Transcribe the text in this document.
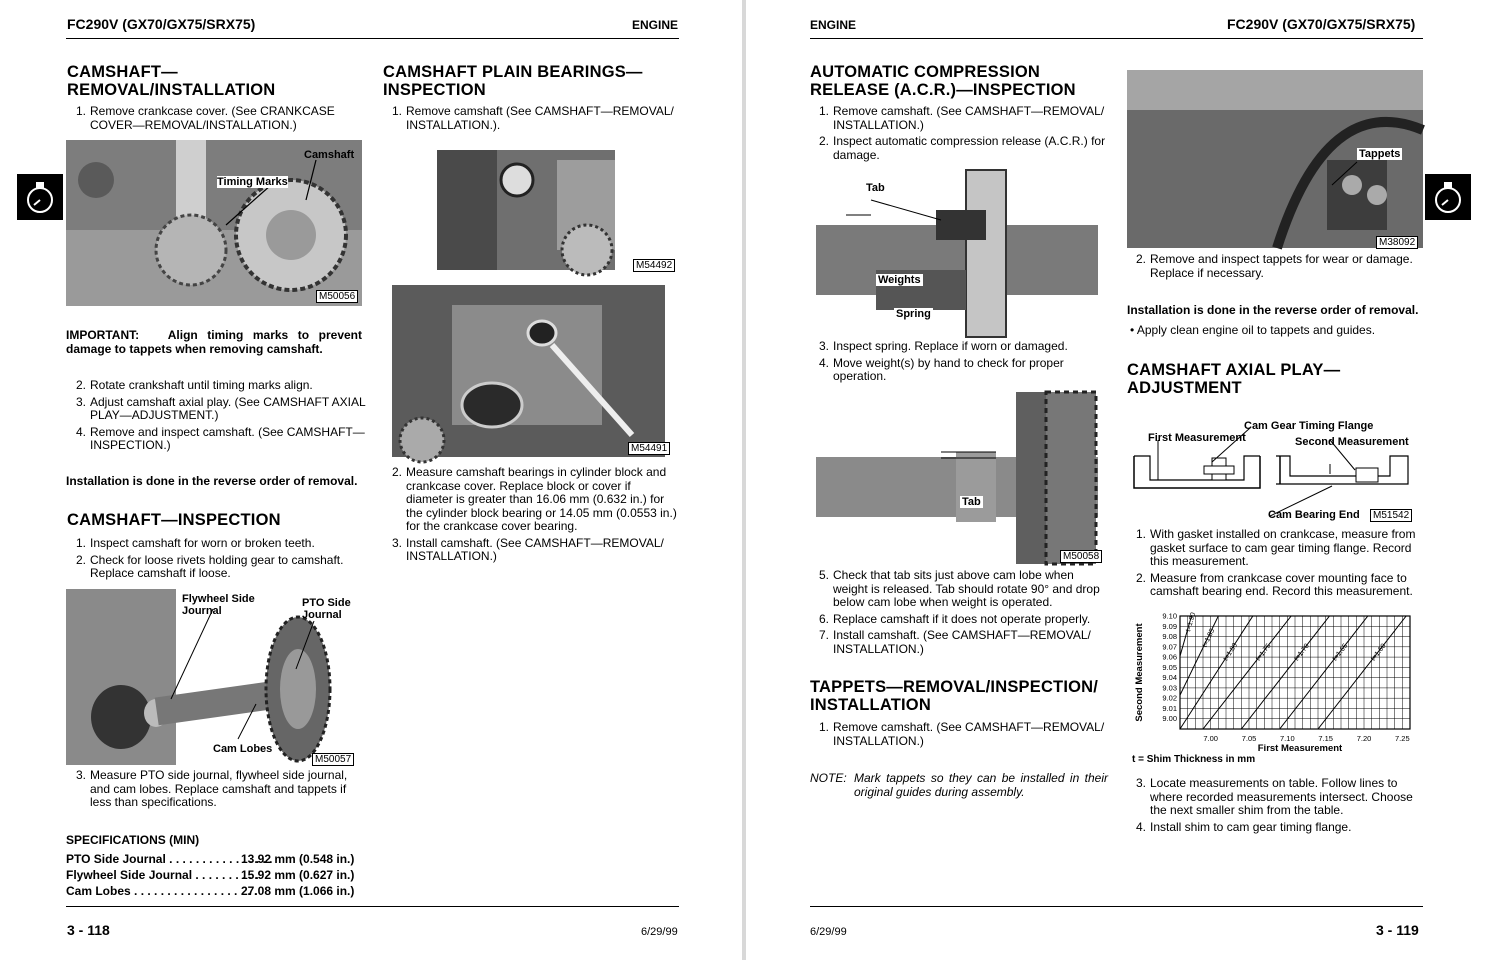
FC290V (GX70/GX75/SRX75)	ENGINE
CAMSHAFT—
REMOVAL/INSTALLATION
1. Remove crankcase cover. (See CRANKCASE COVER—REMOVAL/INSTALLATION.)
Camshaft
Timing Marks
M50056
IMPORTANT: Align timing marks to prevent damage to tappets when removing camshaft.
2. Rotate crankshaft until timing marks align.
3. Adjust camshaft axial play. (See CAMSHAFT AXIAL PLAY—ADJUSTMENT.)
4. Remove and inspect camshaft. (See CAMSHAFT—INSPECTION.)
Installation is done in the reverse order of removal.
CAMSHAFT—INSPECTION
1. Inspect camshaft for worn or broken teeth.
2. Check for loose rivets holding gear to camshaft. Replace camshaft if loose.
Flywheel Side Journal
PTO Side Journal
Cam Lobes
M50057
3. Measure PTO side journal, flywheel side journal, and cam lobes. Replace camshaft and tappets if less than specifications.
SPECIFICATIONS (MIN)
PTO Side Journal . . . . . . . . . . . . . . . .
13.92 mm (0.548 in.)
Flywheel Side Journal . . . . . . . . . .
15.92 mm (0.627 in.)
Cam Lobes . . . . . . . . . . . . . . . . . . .
27.08 mm (1.066 in.)
CAMSHAFT PLAIN BEARINGS—
INSPECTION
1. Remove camshaft (See CAMSHAFT—REMOVAL/ INSTALLATION.).
M54492
M54491
2. Measure camshaft bearings in cylinder block and crankcase cover. Replace block or cover if diameter is greater than 16.06 mm (0.632 in.) for the cylinder block bearing or 14.05 mm (0.0553 in.) for the crankcase cover bearing.
3. Install camshaft. (See CAMSHAFT—REMOVAL/ INSTALLATION.)
3 - 118	6/29/99
ENGINE	FC290V (GX70/GX75/SRX75)
AUTOMATIC COMPRESSION
RELEASE (A.C.R.)—INSPECTION
1. Remove camshaft. (See CAMSHAFT—REMOVAL/ INSTALLATION.)
2. Inspect automatic compression release (A.C.R.) for damage.
Tab
Weights
Spring
3. Inspect spring. Replace if worn or damaged.
4. Move weight(s) by hand to check for proper operation.
Tab
M50058
5. Check that tab sits just above cam lobe when weight is released. Tab should rotate 90° and drop below cam lobe when weight is operated.
6. Replace camshaft if it does not operate properly.
7. Install camshaft. (See CAMSHAFT—REMOVAL/ INSTALLATION.)
TAPPETS—REMOVAL/INSPECTION/
INSTALLATION
1. Remove camshaft. (See CAMSHAFT—REMOVAL/ INSTALLATION.)
NOTE: Mark tappets so they can be installed in their original guides during assembly.
Tappets
M38092
2. Remove and inspect tappets for wear or damage. Replace if necessary.
Installation is done in the reverse order of removal.
• Apply clean engine oil to tappets and guides.
CAMSHAFT AXIAL PLAY—
ADJUSTMENT
Cam Gear Timing Flange
First Measurement	Second Measurement
Cam Bearing End	M51542
1. With gasket installed on crankcase, measure from gasket surface to cam gear timing flange. Record this measurement.
2. Measure from crankcase cover mounting face to camshaft bearing end. Record this measurement.
9.10
9.09
9.08
9.07
9.06
9.05
9.04
9.03
9.02
9.01
9.00
7.00	7.05	7.10	7.15	7.20	7.25
t=1.90
t=1.85
t=1.80 t=1.75	t=1.70	t=1.65	t=1.60
First Measurement
Second Measurement
t = Shim Thickness in mm
3. Locate measurements on table. Follow lines to where recorded measurements intersect. Choose the next smaller shim from the table.
4. Install shim to cam gear timing flange.
6/29/99	3 - 119
